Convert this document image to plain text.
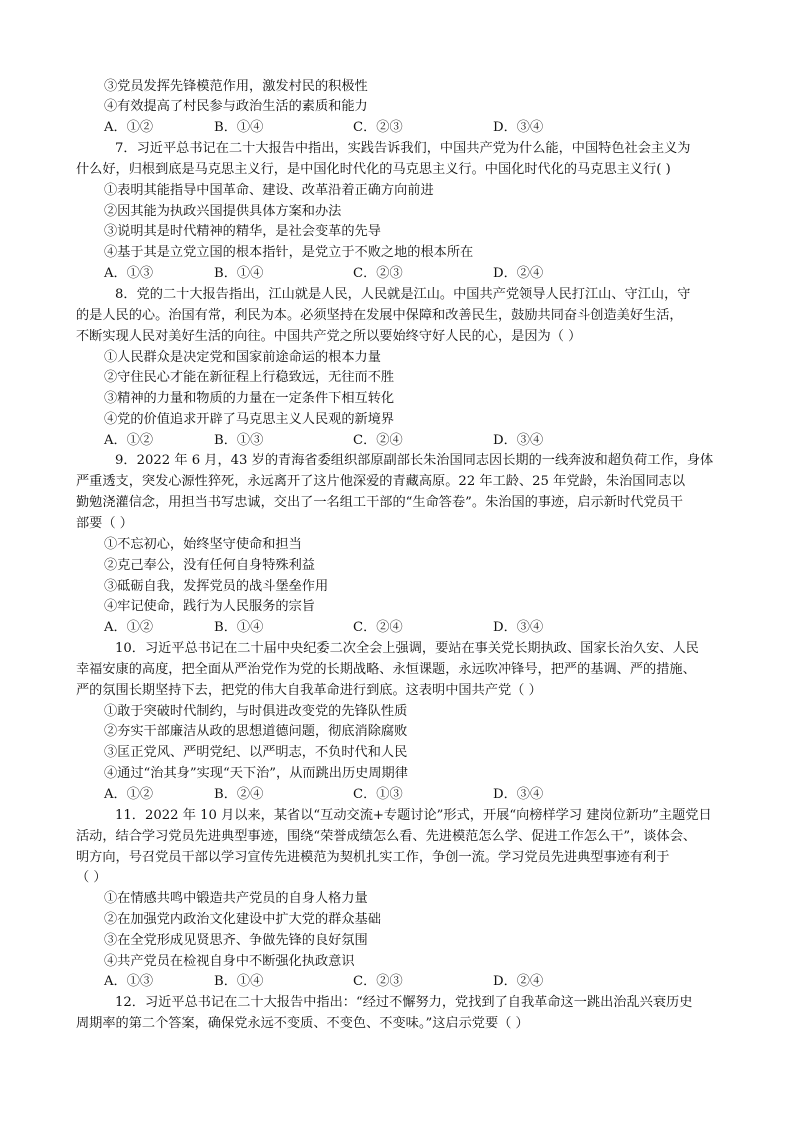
③党员发挥先锋模范作用，激发村民的积极性
④有效提高了村民参与政治生活的素质和能力
A．①②	B．①④	C．②③	D．③④
7．习近平总书记在二十大报告中指出，实践告诉我们，中国共产党为什么能，中国特色社会主义为
什么好，归根到底是马克思主义行，是中国化时代化的马克思主义行。中国化时代化的马克思主义行( )
①表明其能指导中国革命、建设、改革沿着正确方向前进
②因其能为执政兴国提供具体方案和办法
③说明其是时代精神的精华，是社会变革的先导
④基于其是立党立国的根本指针，是党立于不败之地的根本所在
A．①③	B．①④	C．②③	D．②④
8．党的二十大报告指出，江山就是人民，人民就是江山。中国共产党领导人民打江山、守江山，守
的是人民的心。治国有常，利民为本。必须坚持在发展中保障和改善民生，鼓励共同奋斗创造美好生活，
不断实现人民对美好生活的向往。中国共产党之所以要始终守好人民的心，是因为（ ）
①人民群众是决定党和国家前途命运的根本力量
②守住民心才能在新征程上行稳致远，无往而不胜
③精神的力量和物质的力量在一定条件下相互转化
④党的价值追求开辟了马克思主义人民观的新境界
A．①②	B．①③	C．②④	D．③④
9．2022 年 6 月，43 岁的青海省委组织部原副部长朱治国同志因长期的一线奔波和超负荷工作，身体
严重透支，突发心源性猝死，永远离开了这片他深爱的青藏高原。22 年工龄、25 年党龄，朱治国同志以
勤勉浇灌信念，用担当书写忠诚，交出了一名组工干部的“生命答卷”。朱治国的事迹，启示新时代党员干
部要（ ）
①不忘初心，始终坚守使命和担当
②克己奉公，没有任何自身特殊利益
③砥砺自我，发挥党员的战斗堡垒作用
④牢记使命，践行为人民服务的宗旨
A．①②	B．①④	C．②④	D．③④
10．习近平总书记在二十届中央纪委二次全会上强调，要站在事关党长期执政、国家长治久安、人民
幸福安康的高度，把全面从严治党作为党的长期战略、永恒课题，永远吹冲锋号，把严的基调、严的措施、
严的氛围长期坚持下去，把党的伟大自我革命进行到底。这表明中国共产党（ ）
①敢于突破时代制约，与时俱进改变党的先锋队性质
②夯实干部廉洁从政的思想道德问题，彻底消除腐败
③匡正党风、严明党纪、以严明志，不负时代和人民
④通过“治其身”实现“天下治”，从而跳出历史周期律
A．①②	B．②④	C．①③	D．③④
11．2022 年 10 月以来，某省以“互动交流+专题讨论”形式，开展“向榜样学习 建岗位新功”主题党日
活动，结合学习党员先进典型事迹，围绕“荣誉成绩怎么看、先进模范怎么学、促进工作怎么干”，谈体会、
明方向，号召党员干部以学习宣传先进模范为契机扎实工作，争创一流。学习党员先进典型事迹有利于
（ ）
①在情感共鸣中锻造共产党员的自身人格力量
②在加强党内政治文化建设中扩大党的群众基础
③在全党形成见贤思齐、争做先锋的良好氛围
④共产党员在检视自身中不断强化执政意识
A．①③	B．①④	C．②③	D．②④
12．习近平总书记在二十大报告中指出：“经过不懈努力，党找到了自我革命这一跳出治乱兴衰历史
周期率的第二个答案，确保党永远不变质、不变色、不变味。”这启示党要（ ）
